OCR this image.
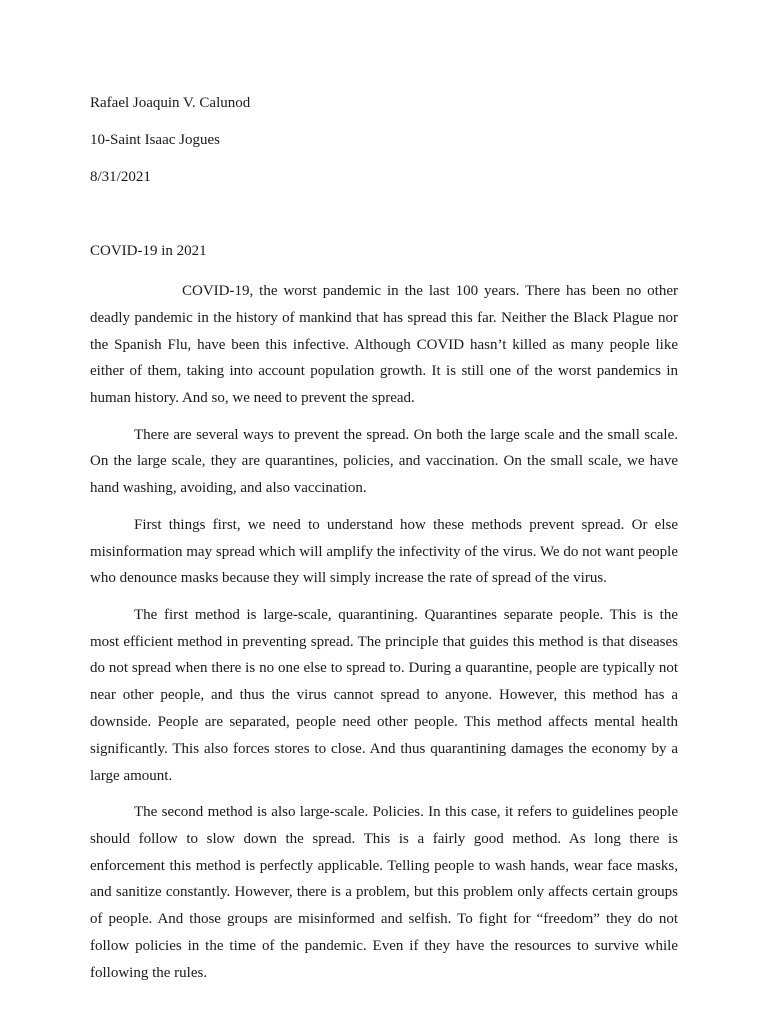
Rafael Joaquin V. Calunod
10-Saint Isaac Jogues
8/31/2021
COVID-19 in 2021

COVID-19, the worst pandemic in the last 100 years. There has been no other deadly pandemic in the history of mankind that has spread this far. Neither the Black Plague nor the Spanish Flu, have been this infective. Although COVID hasn’t killed as many people like either of them, taking into account population growth. It is still one of the worst pandemics in human history. And so, we need to prevent the spread.

There are several ways to prevent the spread. On both the large scale and the small scale. On the large scale, they are quarantines, policies, and vaccination. On the small scale, we have hand washing, avoiding, and also vaccination.

First things first, we need to understand how these methods prevent spread. Or else misinformation may spread which will amplify the infectivity of the virus. We do not want people who denounce masks because they will simply increase the rate of spread of the virus.

The first method is large-scale, quarantining. Quarantines separate people. This is the most efficient method in preventing spread. The principle that guides this method is that diseases do not spread when there is no one else to spread to. During a quarantine, people are typically not near other people, and thus the virus cannot spread to anyone. However, this method has a downside. People are separated, people need other people. This method affects mental health significantly. This also forces stores to close. And thus quarantining damages the economy by a large amount.

The second method is also large-scale. Policies. In this case, it refers to guidelines people should follow to slow down the spread. This is a fairly good method. As long there is enforcement this method is perfectly applicable. Telling people to wash hands, wear face masks, and sanitize constantly. However, there is a problem, but this problem only affects certain groups of people. And those groups are misinformed and selfish. To fight for “freedom” they do not follow policies in the time of the pandemic. Even if they have the resources to survive while following the rules.
